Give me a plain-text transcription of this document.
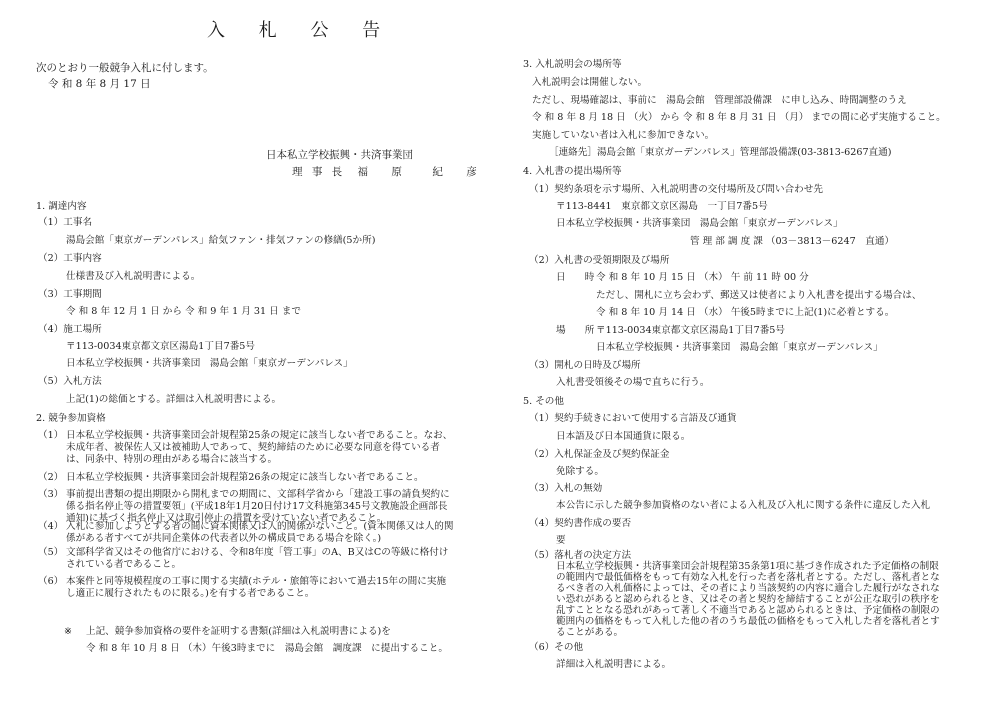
入 札 公 告
次のとおり一般競争入札に付します。
令 和 8 年 8 月 17 日
日本私立学校振興・共済事業団
理 事 長 福 原　紀 彦
1. 調達内容
（1）工事名
湯島会館「東京ガーデンパレス」給気ファン・排気ファンの修繕(5か所)
（2）工事内容
仕様書及び入札説明書による。
（3）工事期間
令 和 8 年 12 月 1 日 から 令 和 9 年 1 月 31 日 まで
（4）施工場所
〒113-0034東京都文京区湯島1丁目7番5号
日本私立学校振興・共済事業団　湯島会館「東京ガーデンパレス」
（5）入札方法
上記(1)の総価とする。詳細は入札説明書による。
2. 競争参加資格
（1） 日本私立学校振興・共済事業団会計規程第25条の規定に該当しない者であること。なお、未成年者、被保佐人又は被補助人であって、契約締結のために必要な同意を得ている者は、同条中、特別の理由がある場合に該当する。
（2） 日本私立学校振興・共済事業団会計規程第26条の規定に該当しない者であること。
（3） 事前提出書類の提出期限から開札までの期間に、文部科学省から「建設工事の請負契約に係る指名停止等の措置要領」(平成18年1月20日付け17文科施第345号文教施設企画部長通知)に基づく指名停止又は取引停止の措置を受けていない者であること。
（4） 入札に参加しようとする者の間に資本関係又は人的関係がないこと。(資本関係又は人的関係がある者すべてが共同企業体の代表者以外の構成員である場合を除く。)
（5） 文部科学省又はその他省庁における、令和8年度「管工事」のA、B又はCの等級に格付けされている者であること。
（6） 本案件と同等規模程度の工事に関する実績(ホテル・旅館等において過去15年の間に実施し適正に履行されたものに限る。)を有する者であること。
※ 上記、競争参加資格の要件を証明する書類(詳細は入札説明書による)を
令 和 8 年 10 月 8 日 （木）午後3時までに　湯島会館　調度課　に提出すること。
3. 入札説明会の場所等
入札説明会は開催しない。
ただし、現場確認は、事前に　湯島会館　管理部設備課　に申し込み、時間調整のうえ
令 和 8 年 8 月 18 日 （火） から 令 和 8 年 8 月 31 日 （月） までの間に必ず実施すること。
実施していない者は入札に参加できない。
［連絡先］湯島会館「東京ガーデンパレス」管理部設備課(03-3813-6267直通)
4. 入札書の提出場所等
（1）契約条項を示す場所、入札説明書の交付場所及び問い合わせ先
〒113-8441　東京都文京区湯島　一丁目7番5号
日本私立学校振興・共済事業団　湯島会館「東京ガーデンパレス」
管 理 部 調 度 課 （03－3813－6247　直通）
（2）入札書の受領期限及び場所
日　　時 令 和 8 年 10 月 15 日 （木） 午 前 11 時 00 分
ただし、開札に立ち会わず、郵送又は使者により入札書を提出する場合は、
令 和 8 年 10 月 14 日 （水） 午後5時までに上記(1)に必着とする。
場　　所 〒113-0034東京都文京区湯島1丁目7番5号
日本私立学校振興・共済事業団　湯島会館「東京ガーデンパレス」
（3）開札の日時及び場所
入札書受領後その場で直ちに行う。
5. その他
（1）契約手続きにおいて使用する言語及び通貨
日本語及び日本国通貨に限る。
（2）入札保証金及び契約保証金
免除する。
（3）入札の無効
本公告に示した競争参加資格のない者による入札及び入札に関する条件に違反した入札
（4）契約書作成の要否
要
（5）落札者の決定方法
日本私立学校振興・共済事業団会計規程第35条第1項に基づき作成された予定価格の制限の範囲内で最低価格をもって有効な入札を行った者を落札者とする。ただし、落札者となるべき者の入札価格によっては、その者により当該契約の内容に適合した履行がなされない恐れがあると認められるとき、又はその者と契約を締結することが公正な取引の秩序を乱すこととなる恐れがあって著しく不適当であると認められるときは、予定価格の制限の範囲内の価格をもって入札した他の者のうち最低の価格をもって入札した者を落札者とすることがある。
（6）その他
詳細は入札説明書による。
